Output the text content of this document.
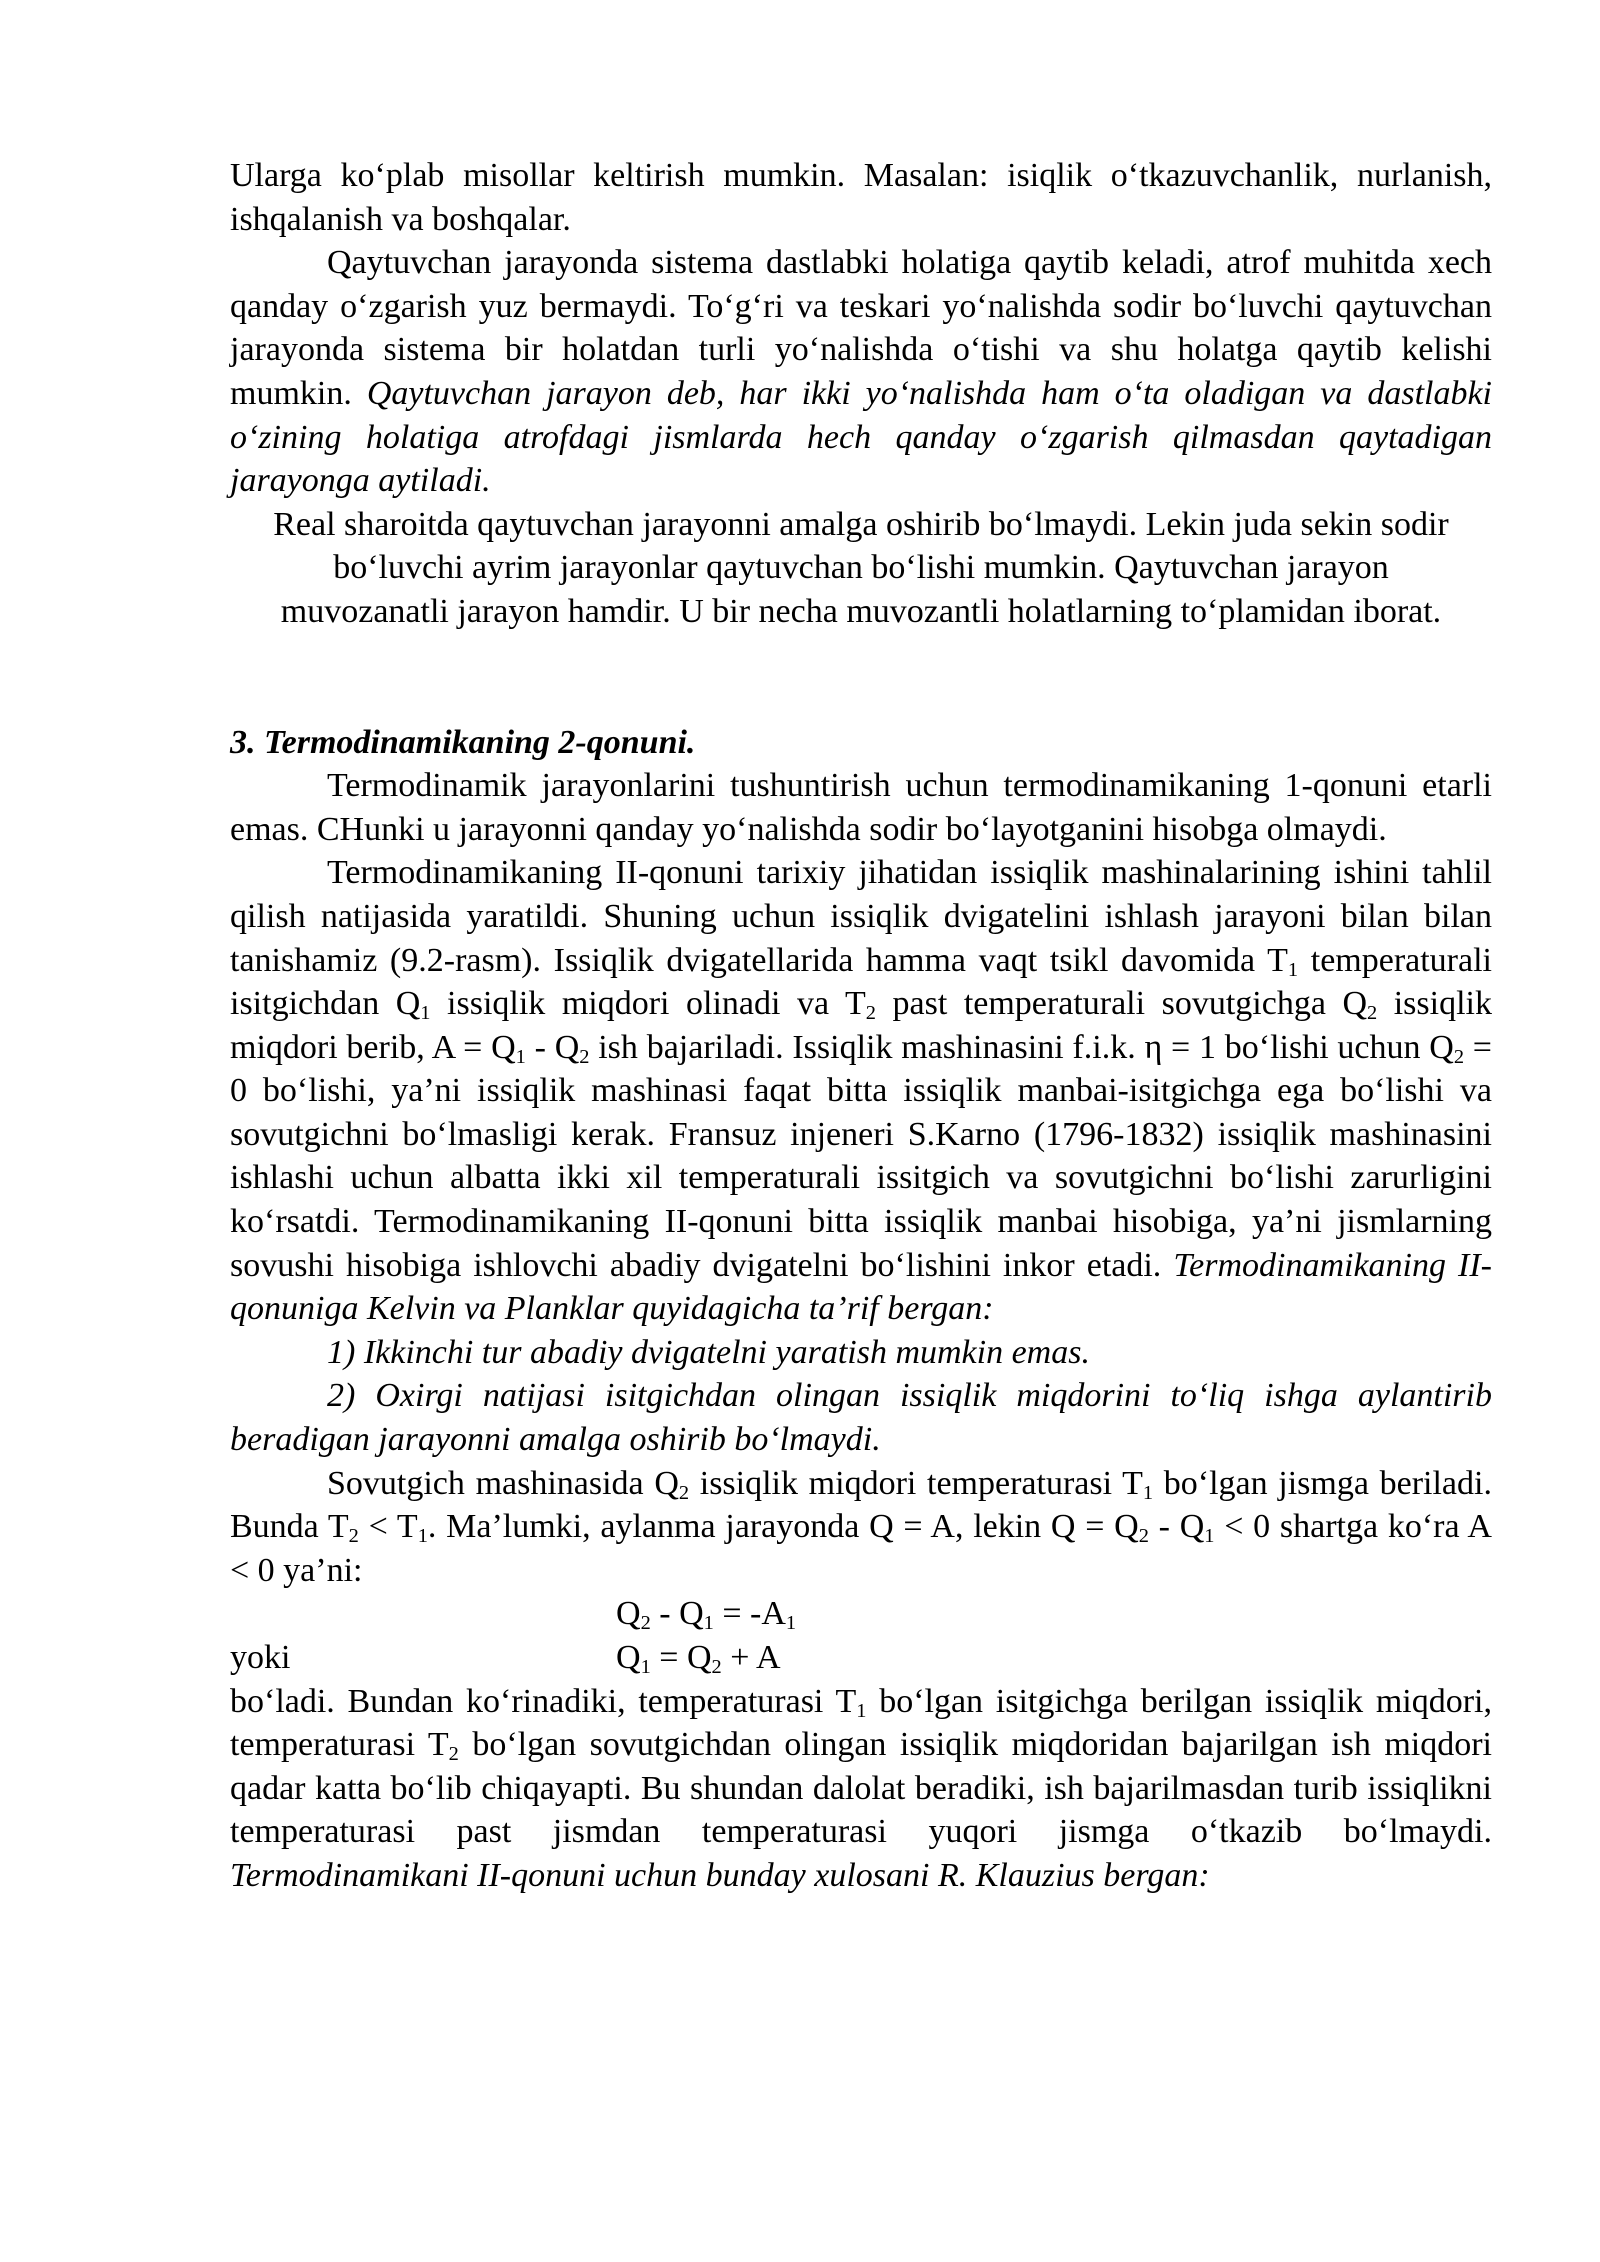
Ularga ko‘plab misollar keltirish mumkin. Masalan: isiqlik o‘tkazuvchanlik, nurlanish, ishqalanish va boshqalar.

Qaytuvchan jarayonda sistema dastlabki holatiga qaytib keladi, atrof muhitda xech qanday o‘zgarish yuz bermaydi. To‘g‘ri va teskari yo‘nalishda sodir bo‘luvchi qaytuvchan jarayonda sistema bir holatdan turli yo‘nalishda o‘tishi va shu holatga qaytib kelishi mumkin. Qaytuvchan jarayon deb, har ikki yo‘nalishda ham o‘ta oladigan va dastlabki o‘zining holatiga atrofdagi jismlarda hech qanday o‘zgarish qilmasdan qaytadigan jarayonga aytiladi.

Real sharoitda qaytuvchan jarayonni amalga oshirib bo‘lmaydi. Lekin juda sekin sodir bo‘luvchi ayrim jarayonlar qaytuvchan bo‘lishi mumkin. Qaytuvchan jarayon muvozanatli jarayon hamdir. U bir necha muvozantli holatlarning to‘plamidan iborat.

3. Termodinamikaning 2-qonuni.

Termodinamik jarayonlarini tushuntirish uchun termodinamikaning 1-qonuni etarli emas. CHunki u jarayonni qanday yo‘nalishda sodir bo‘layotganini hisobga olmaydi.

Termodinamikaning II-qonuni tarixiy jihatidan issiqlik mashinalarining ishini tahlil qilish natijasida yaratildi. Shuning uchun issiqlik dvigatelini ishlash jarayoni bilan bilan tanishamiz (9.2-rasm). Issiqlik dvigatellarida hamma vaqt tsikl davomida $T_1$ temperaturali isitgichdan $Q_1$ issiqlik miqdori olinadi va $T_2$ past temperaturali sovutgichga $Q_2$ issiqlik miqdori berib, $A = Q_1 - Q_2$ ish bajariladi. Issiqlik mashinasini f.i.k. η = 1 bo‘lishi uchun $Q_2 = 0$ bo‘lishi, ya’ni issiqlik mashinasi faqat bitta issiqlik manbai-isitgichga ega bo‘lishi va sovutgichni bo‘lmasligi kerak. Fransuz injeneri S.Karno (1796-1832) issiqlik mashinasini ishlashi uchun albatta ikki xil temperaturali issitgich va sovutgichni bo‘lishi zarurligini ko‘rsatdi. Termodinamikaning II-qonuni bitta issiqlik manbai hisobiga, ya’ni jismlarning sovushi hisobiga ishlovchi abadiy dvigatelni bo‘lishini inkor etadi. Termodinamikaning II-qonuniga Kelvin va Planklar quyidagicha ta’rif bergan:

1) Ikkinchi tur abadiy dvigatelni yaratish mumkin emas.

2) Oxirgi natijasi isitgichdan olingan issiqlik miqdorini to‘liq ishga aylantirib beradigan jarayonni amalga oshirib bo‘lmaydi.

Sovutgich mashinasida $Q_2$ issiqlik miqdori temperaturasi $T_1$ bo‘lgan jismga beriladi. Bunda $T_2 < T_1$. Ma’lumki, aylanma jarayonda Q = A, lekin $Q = Q_2 - Q_1 < 0$ shartga ko‘ra A < 0 ya’ni:

$Q_2 - Q_1 = -A_1$
yoki	$Q_1 = Q_2 + A$

bo‘ladi. Bundan ko‘rinadiki, temperaturasi $T_1$ bo‘lgan isitgichga berilgan issiqlik miqdori, temperaturasi $T_2$ bo‘lgan sovutgichdan olingan issiqlik miqdoridan bajarilgan ish miqdori qadar katta bo‘lib chiqayapti. Bu shundan dalolat beradiki, ish bajarilmasdan turib issiqlikni temperaturasi past jismdan temperaturasi yuqori jismga o‘tkazib bo‘lmaydi. Termodinamikani II-qonuni uchun bunday xulosani R. Klauzius bergan:
